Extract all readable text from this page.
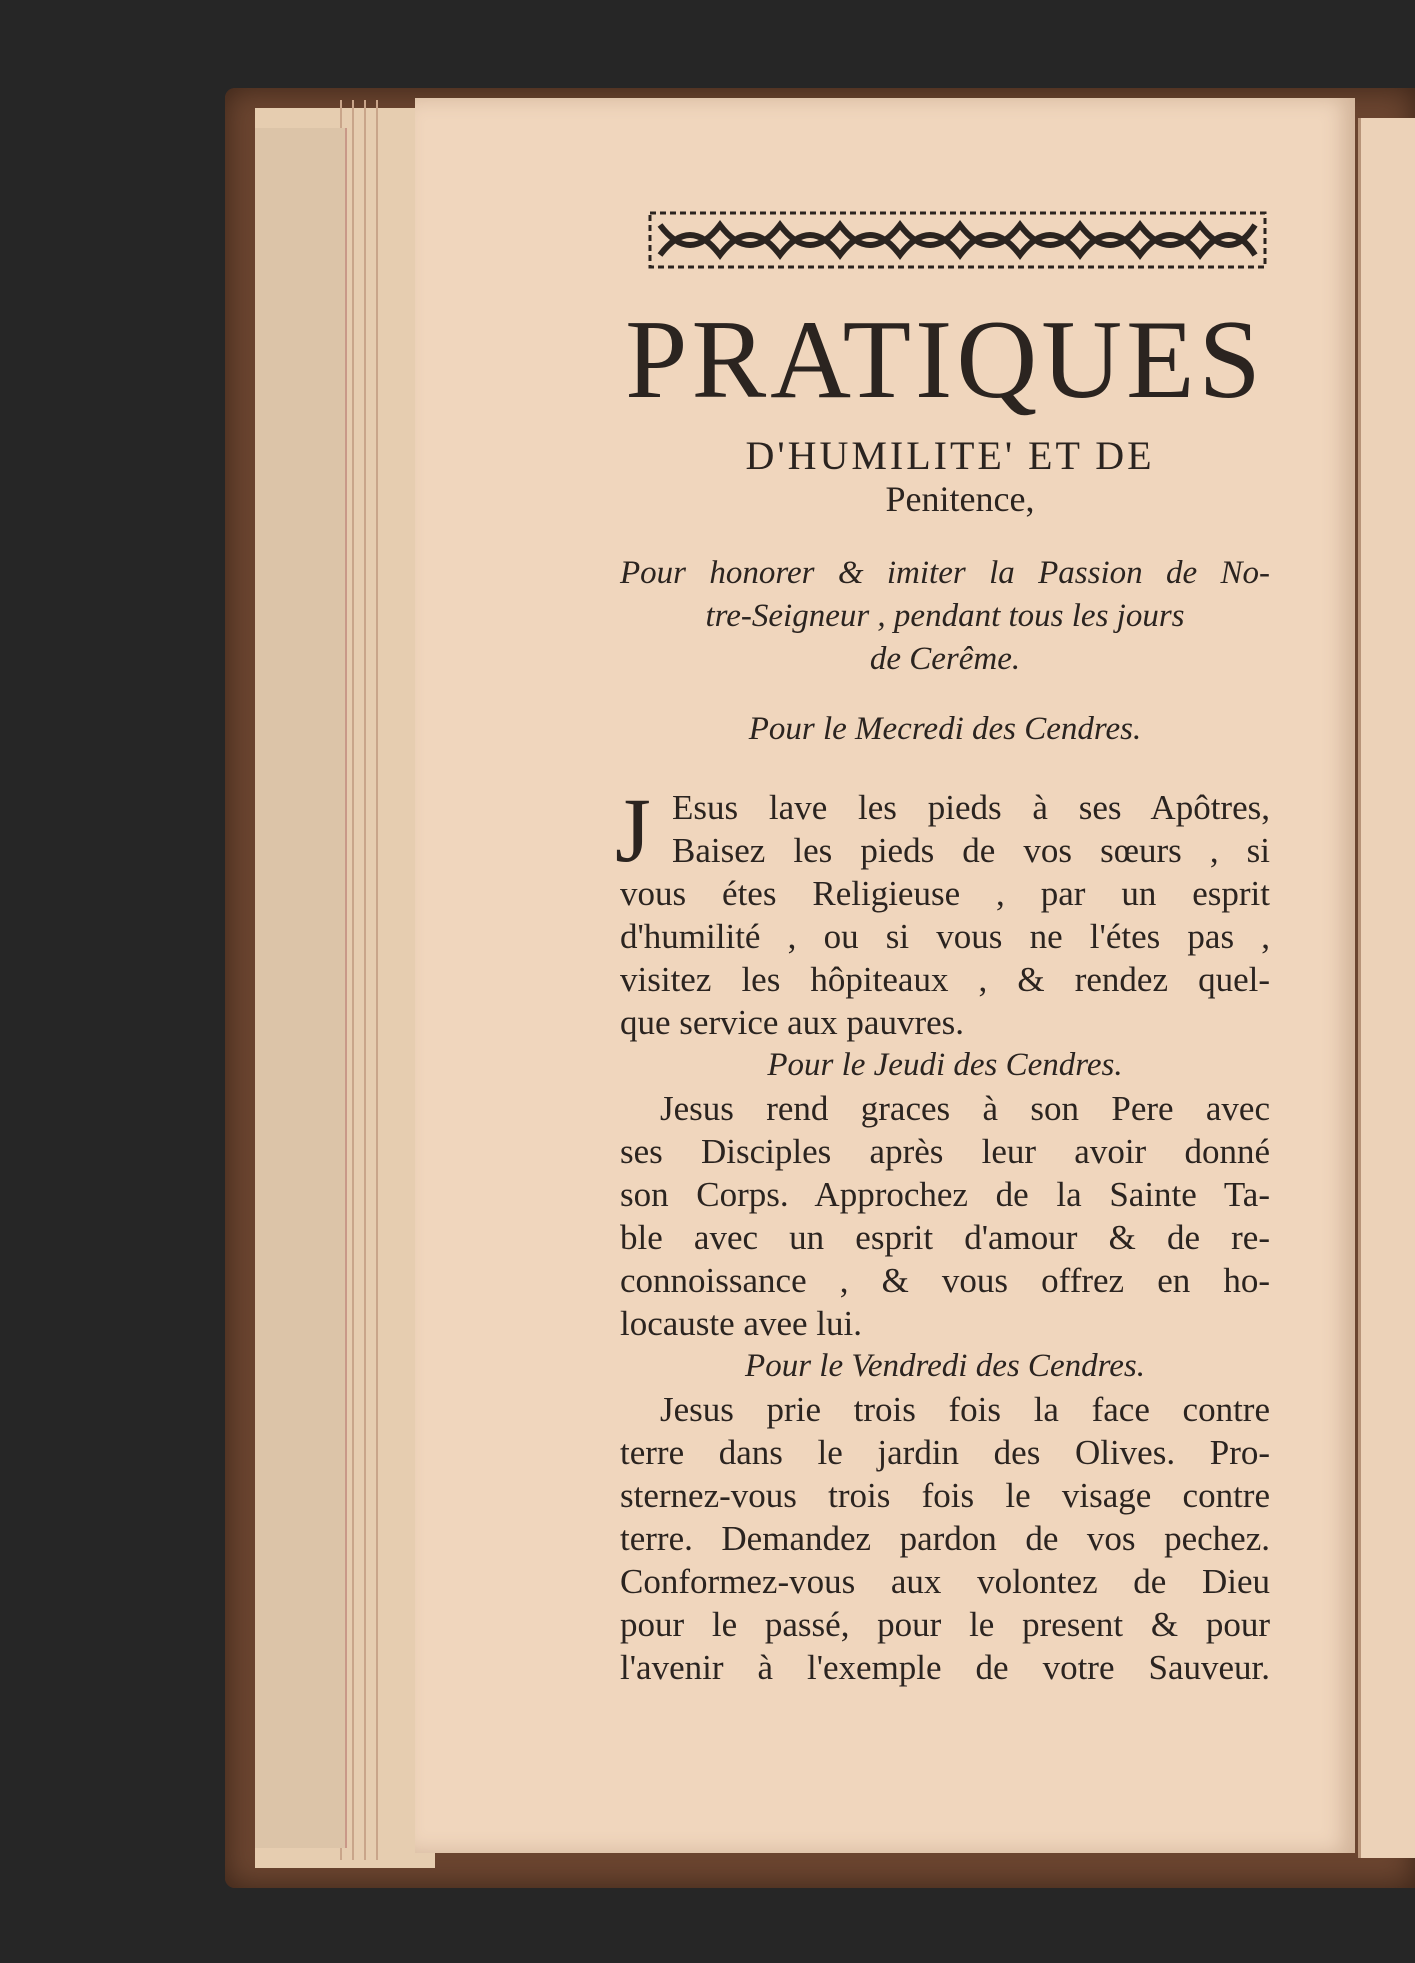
PRATIQUES
D'HUMILITE' ET DE
Penitence,
Pour honorer & imiter la Passion de No-
tre-Seigneur , pendant tous les jours
de Cerême.
Pour le Mecredi des Cendres.
J Esus lave les pieds à ses Apôtres,
Baisez les pieds de vos sœurs , si
vous étes Religieuse , par un esprit
d'humilité , ou si vous ne l'étes pas ,
visitez les hôpiteaux , & rendez quel-
que service aux pauvres.
Pour le Jeudi des Cendres.
Jesus rend graces à son Pere avec
ses Disciples après leur avoir donné
son Corps. Approchez de la Sainte Ta-
ble avec un esprit d'amour & de re-
connoissance , & vous offrez en ho-
locauste avee lui.
Pour le Vendredi des Cendres.
Jesus prie trois fois la face contre
terre dans le jardin des Olives. Pro-
sternez-vous trois fois le visage contre
terre. Demandez pardon de vos pechez.
Conformez-vous aux volontez de Dieu
pour le passé, pour le present & pour
l'avenir à l'exemple de votre Sauveur.
